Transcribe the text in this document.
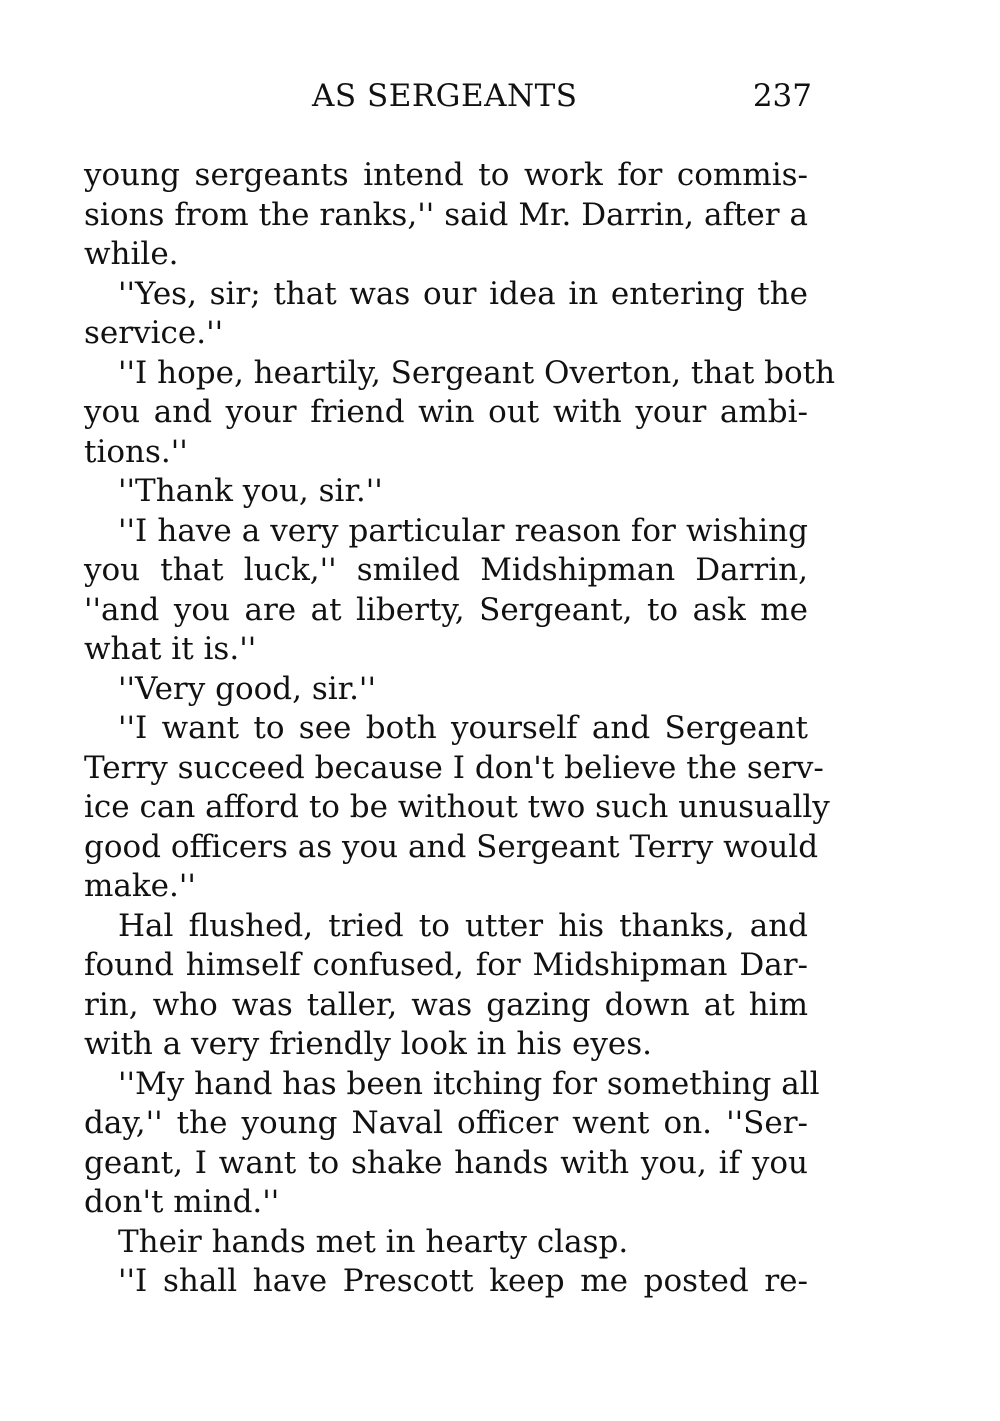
AS SERGEANTS	237
young sergeants intend to work for commis-
sions from the ranks,'' said Mr. Darrin, after a
while.
''Yes, sir; that was our idea in entering the
service.''
''I hope, heartily, Sergeant Overton, that both
you and your friend win out with your ambi-
tions.''
''Thank you, sir.''
''I have a very particular reason for wishing
you that luck,'' smiled Midshipman Darrin,
''and you are at liberty, Sergeant, to ask me
what it is.''
''Very good, sir.''
''I want to see both yourself and Sergeant
Terry succeed because I don't believe the serv-
ice can afford to be without two such unusually
good officers as you and Sergeant Terry would
make.''
Hal flushed, tried to utter his thanks, and
found himself confused, for Midshipman Dar-
rin, who was taller, was gazing down at him
with a very friendly look in his eyes.
''My hand has been itching for something all
day,'' the young Naval officer went on. ''Ser-
geant, I want to shake hands with you, if you
don't mind.''
Their hands met in hearty clasp.
''I shall have Prescott keep me posted re-
